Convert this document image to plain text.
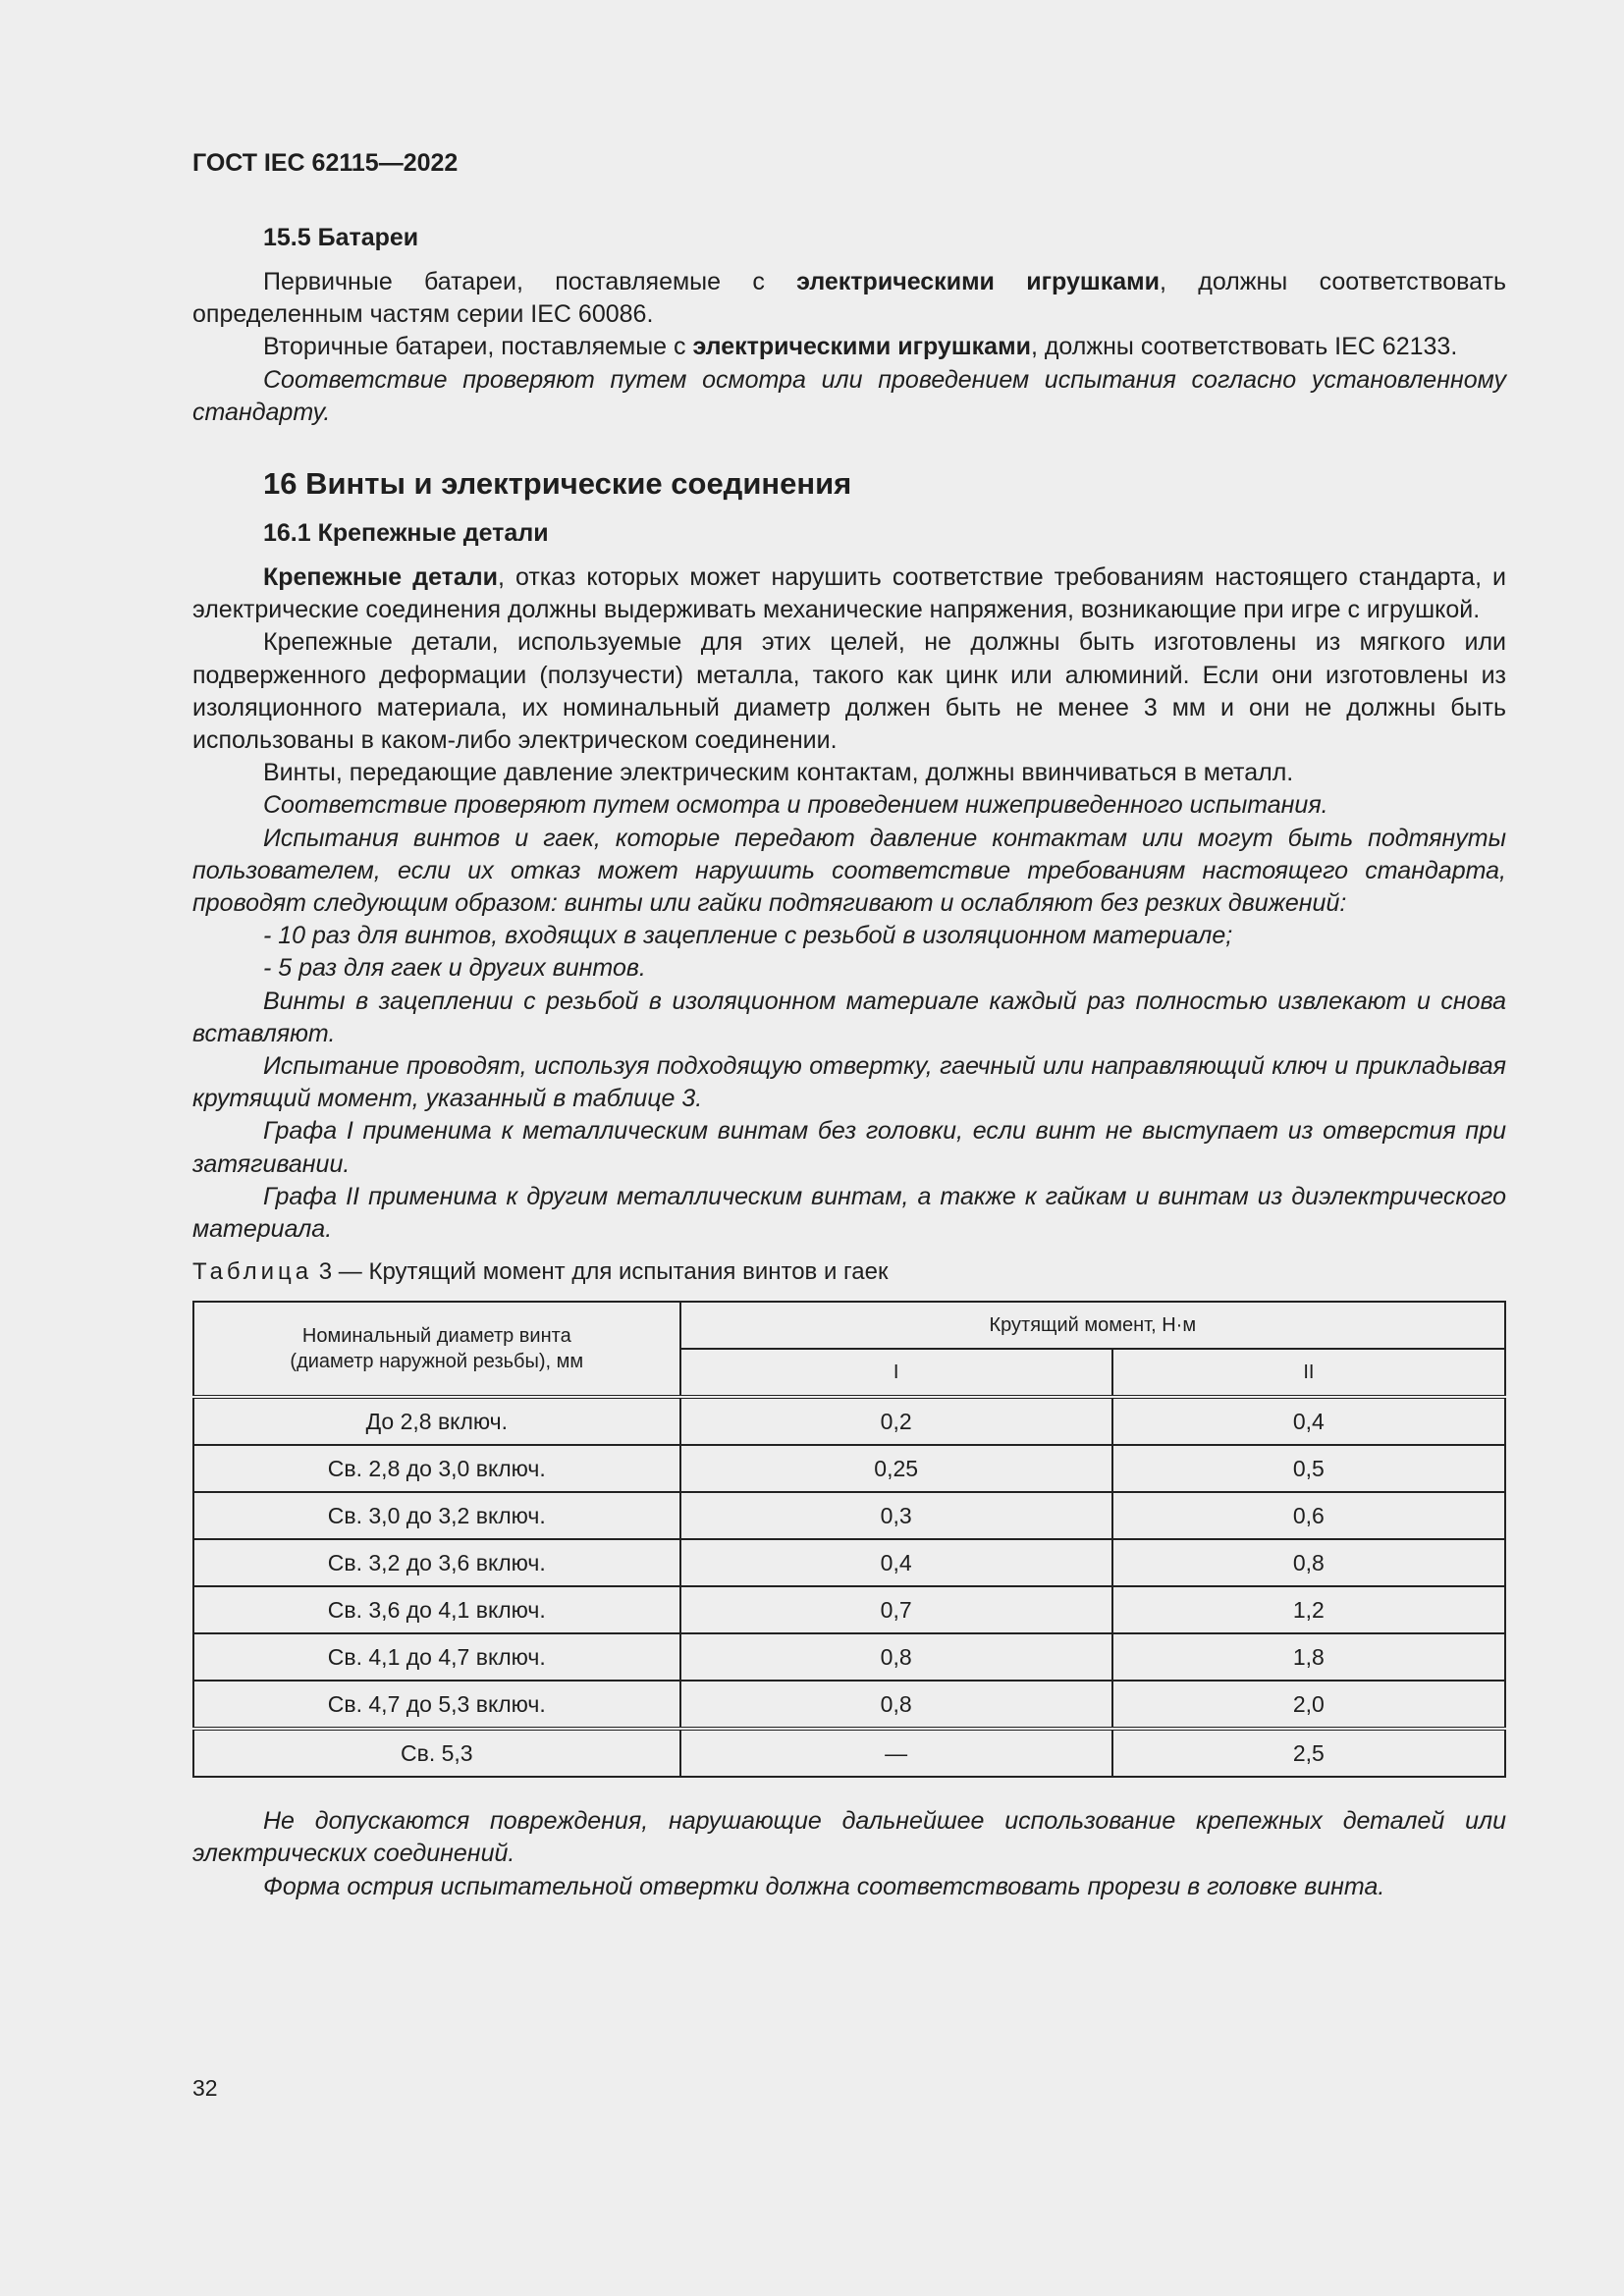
ГОСТ IEC 62115—2022
15.5 Батареи

Первичные батареи, поставляемые с электрическими игрушками, должны соответствовать определенным частям серии IEC 60086.

Вторичные батареи, поставляемые с электрическими игрушками, должны соответствовать IEC 62133.

Соответствие проверяют путем осмотра или проведением испытания согласно установленному стандарту.

16 Винты и электрические соединения
16.1 Крепежные детали

Крепежные детали, отказ которых может нарушить соответствие требованиям настоящего стандарта, и электрические соединения должны выдерживать механические напряжения, возникающие при игре с игрушкой.

Крепежные детали, используемые для этих целей, не должны быть изготовлены из мягкого или подверженного деформации (ползучести) металла, такого как цинк или алюминий. Если они изготовлены из изоляционного материала, их номинальный диаметр должен быть не менее 3 мм и они не должны быть использованы в каком-либо электрическом соединении.

Винты, передающие давление электрическим контактам, должны ввинчиваться в металл.

Соответствие проверяют путем осмотра и проведением нижеприведенного испытания.

Испытания винтов и гаек, которые передают давление контактам или могут быть подтянуты пользователем, если их отказ может нарушить соответствие требованиям настоящего стандарта, проводят следующим образом: винты или гайки подтягивают и ослабляют без резких движений:

- 10 раз для винтов, входящих в зацепление с резьбой в изоляционном материале;

- 5 раз для гаек и других винтов.

Винты в зацеплении с резьбой в изоляционном материале каждый раз полностью извлекают и снова вставляют.

Испытание проводят, используя подходящую отвертку, гаечный или направляющий ключ и прикладывая крутящий момент, указанный в таблице 3.

Графа I применима к металлическим винтам без головки, если винт не выступает из отверстия при затягивании.

Графа II применима к другим металлическим винтам, а также к гайкам и винтам из диэлектрического материала.

Таблица 3 — Крутящий момент для испытания винтов и гаек

Номинальный диаметр винта (диаметр наружной резьбы), мм	Крутящий момент, Н·м	
	I	II
До 2,8 включ.	0,2	0,4
Св. 2,8 до 3,0 включ.	0,25	0,5
Св. 3,0 до 3,2 включ.	0,3	0,6
Св. 3,2 до 3,6 включ.	0,4	0,8
Св. 3,6 до 4,1 включ.	0,7	1,2
Св. 4,1 до 4,7 включ.	0,8	1,8
Св. 4,7 до 5,3 включ.	0,8	2,0
Св. 5,3	—	2,5

Не допускаются повреждения, нарушающие дальнейшее использование крепежных деталей или электрических соединений.

Форма острия испытательной отвертки должна соответствовать прорези в головке винта.

32
